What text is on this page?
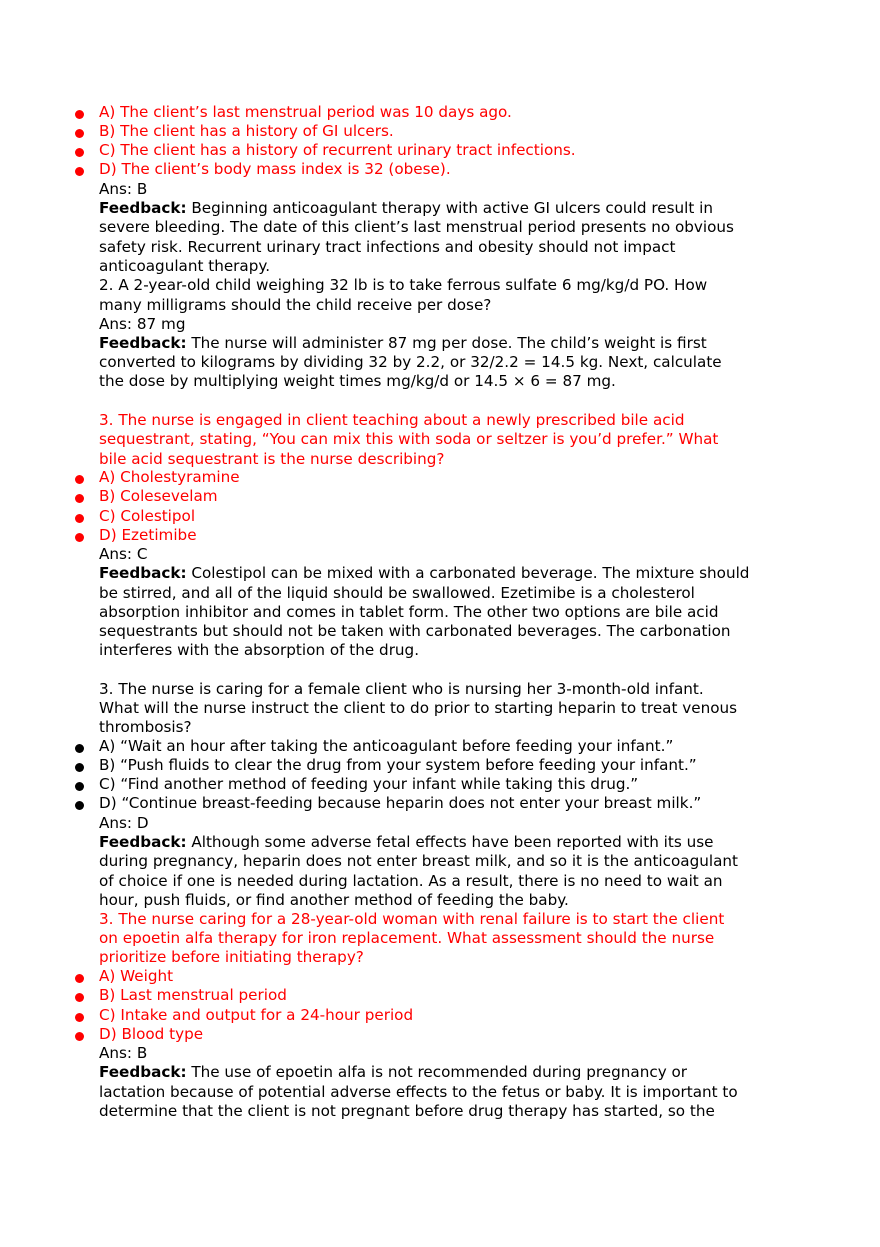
A) The client’s last menstrual period was 10 days ago.
B) The client has a history of GI ulcers.
C) The client has a history of recurrent urinary tract infections.
D) The client’s body mass index is 32 (obese).
Ans: B
Feedback: Beginning anticoagulant therapy with active GI ulcers could result in
severe bleeding. The date of this client’s last menstrual period presents no obvious
safety risk. Recurrent urinary tract infections and obesity should not impact
anticoagulant therapy.
2. A 2-year-old child weighing 32 lb is to take ferrous sulfate 6 mg/kg/d PO. How
many milligrams should the child receive per dose?
Ans: 87 mg
Feedback: The nurse will administer 87 mg per dose. The child’s weight is first
converted to kilograms by dividing 32 by 2.2, or 32/2.2 = 14.5 kg. Next, calculate
the dose by multiplying weight times mg/kg/d or 14.5 × 6 = 87 mg.
3. The nurse is engaged in client teaching about a newly prescribed bile acid
sequestrant, stating, “You can mix this with soda or seltzer is you’d prefer.” What
bile acid sequestrant is the nurse describing?
A) Cholestyramine
B) Colesevelam
C) Colestipol
D) Ezetimibe
Ans: C
Feedback: Colestipol can be mixed with a carbonated beverage. The mixture should
be stirred, and all of the liquid should be swallowed. Ezetimibe is a cholesterol
absorption inhibitor and comes in tablet form. The other two options are bile acid
sequestrants but should not be taken with carbonated beverages. The carbonation
interferes with the absorption of the drug.
3. The nurse is caring for a female client who is nursing her 3-month-old infant.
What will the nurse instruct the client to do prior to starting heparin to treat venous
thrombosis?
A) “Wait an hour after taking the anticoagulant before feeding your infant.”
B) “Push fluids to clear the drug from your system before feeding your infant.”
C) “Find another method of feeding your infant while taking this drug.”
D) “Continue breast-feeding because heparin does not enter your breast milk.”
Ans: D
Feedback: Although some adverse fetal effects have been reported with its use
during pregnancy, heparin does not enter breast milk, and so it is the anticoagulant
of choice if one is needed during lactation. As a result, there is no need to wait an
hour, push fluids, or find another method of feeding the baby.
3. The nurse caring for a 28-year-old woman with renal failure is to start the client
on epoetin alfa therapy for iron replacement. What assessment should the nurse
prioritize before initiating therapy?
A) Weight
B) Last menstrual period
C) Intake and output for a 24-hour period
D) Blood type
Ans: B
Feedback: The use of epoetin alfa is not recommended during pregnancy or
lactation because of potential adverse effects to the fetus or baby. It is important to
determine that the client is not pregnant before drug therapy has started, so the
